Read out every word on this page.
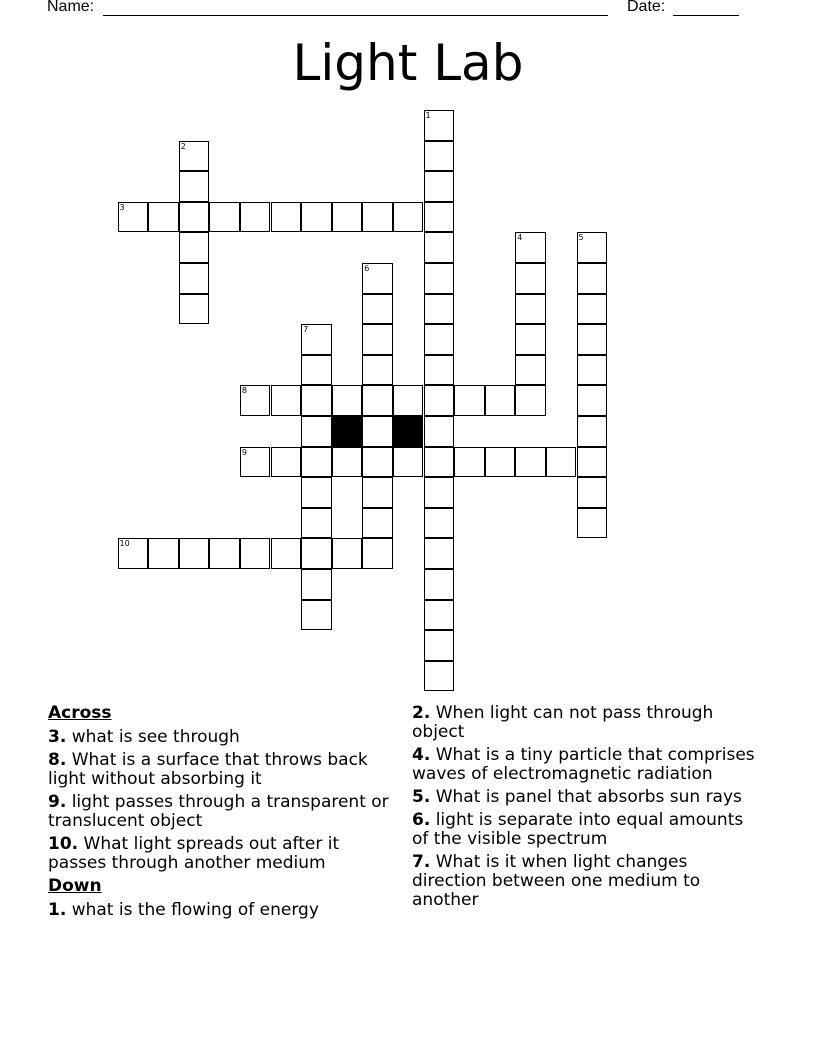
Name:	Date:
Light Lab
1
2
3
4	5
6
7
8
9
10
Across
3. what is see through
8. What is a surface that throws back light without absorbing it
9. light passes through a transparent or translucent object
10. What light spreads out after it passes through another medium
Down
1. what is the flowing of energy
2. When light can not pass through object
4. What is a tiny particle that comprises waves of electromagnetic radiation
5. What is panel that absorbs sun rays
6. light is separate into equal amounts of the visible spectrum
7. What is it when light changes direction between one medium to another
